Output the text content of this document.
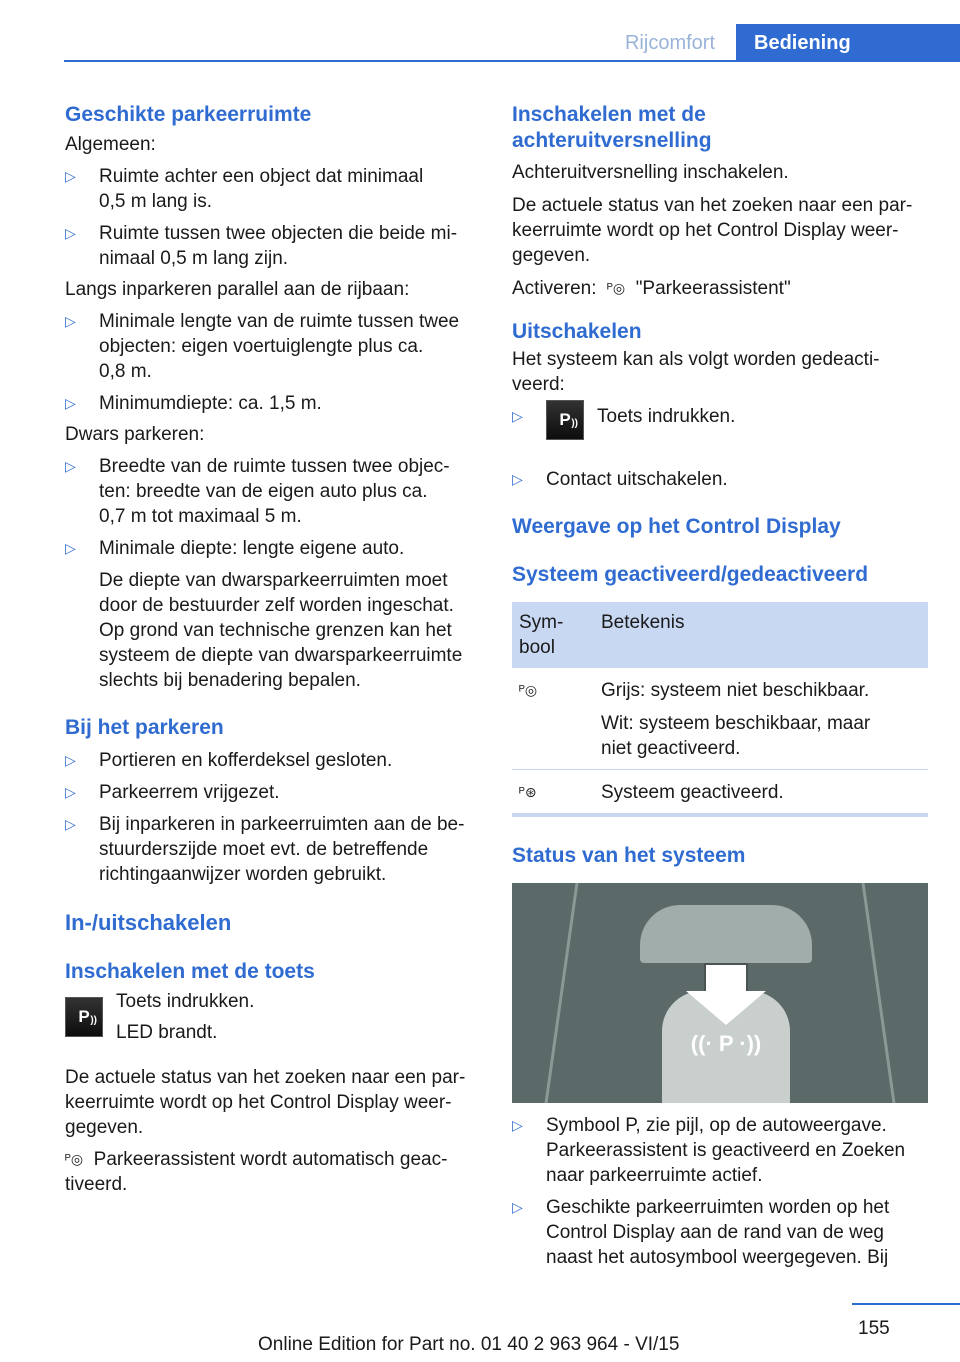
Rijcomfort	Bediening
Geschikte parkeerruimte
Algemeen:
▷ Ruimte achter een object dat minimaal
0,5 m lang is.
▷ Ruimte tussen twee objecten die beide mi-
nimaal 0,5 m lang zijn.
Langs inparkeren parallel aan de rijbaan:
▷ Minimale lengte van de ruimte tussen twee
objecten: eigen voertuiglengte plus ca.
0,8 m.
▷ Minimumdiepte: ca. 1,5 m.
Dwars parkeren:
▷ Breedte van de ruimte tussen twee objec-
ten: breedte van de eigen auto plus ca.
0,7 m tot maximaal 5 m.
▷ Minimale diepte: lengte eigene auto.
De diepte van dwarsparkeerruimten moet
door de bestuurder zelf worden ingeschat.
Op grond van technische grenzen kan het
systeem de diepte van dwarsparkeerruimte
slechts bij benadering bepalen.
Bij het parkeren
▷ Portieren en kofferdeksel gesloten.
▷ Parkeerrem vrijgezet.
▷ Bij inparkeren in parkeerruimten aan de be-
stuurderszijde moet evt. de betreffende
richtingaanwijzer worden gebruikt.
In-/uitschakelen
Inschakelen met de toets
P ))
Toets indrukken.

LED brandt.
De actuele status van het zoeken naar een par-
keerruimte wordt op het Control Display weer-
gegeven.
ᴾ◎ Parkeerassistent wordt automatisch geac-
tiveerd.
Inschakelen met de
achteruitversnelling
Achteruitversnelling inschakelen.
De actuele status van het zoeken naar een par-
keerruimte wordt op het Control Display weer-
gegeven.
Activeren: ᴾ◎ "Parkeerassistent"
Uitschakelen
Het systeem kan als volgt worden gedeacti-
veerd:
▷	P )) Toets indrukken.
▷ Contact uitschakelen.
Weergave op het Control Display
Systeem geactiveerd/gedeactiveerd
Sym-
bool	Betekenis
ᴾ◎	Grijs: systeem niet beschikbaar.
Wit: systeem beschikbaar, maar
niet geactiveerd.

ᴾ⊛	Systeem geactiveerd.
Status van het systeem
((· P ·))
▷ Symbool P, zie pijl, op de autoweergave.
Parkeerassistent is geactiveerd en Zoeken
naar parkeerruimte actief.
▷ Geschikte parkeerruimten worden op het
Control Display aan de rand van de weg
naast het autosymbool weergegeven. Bij
155
Online Edition for Part no. 01 40 2 963 964 - VI/15
